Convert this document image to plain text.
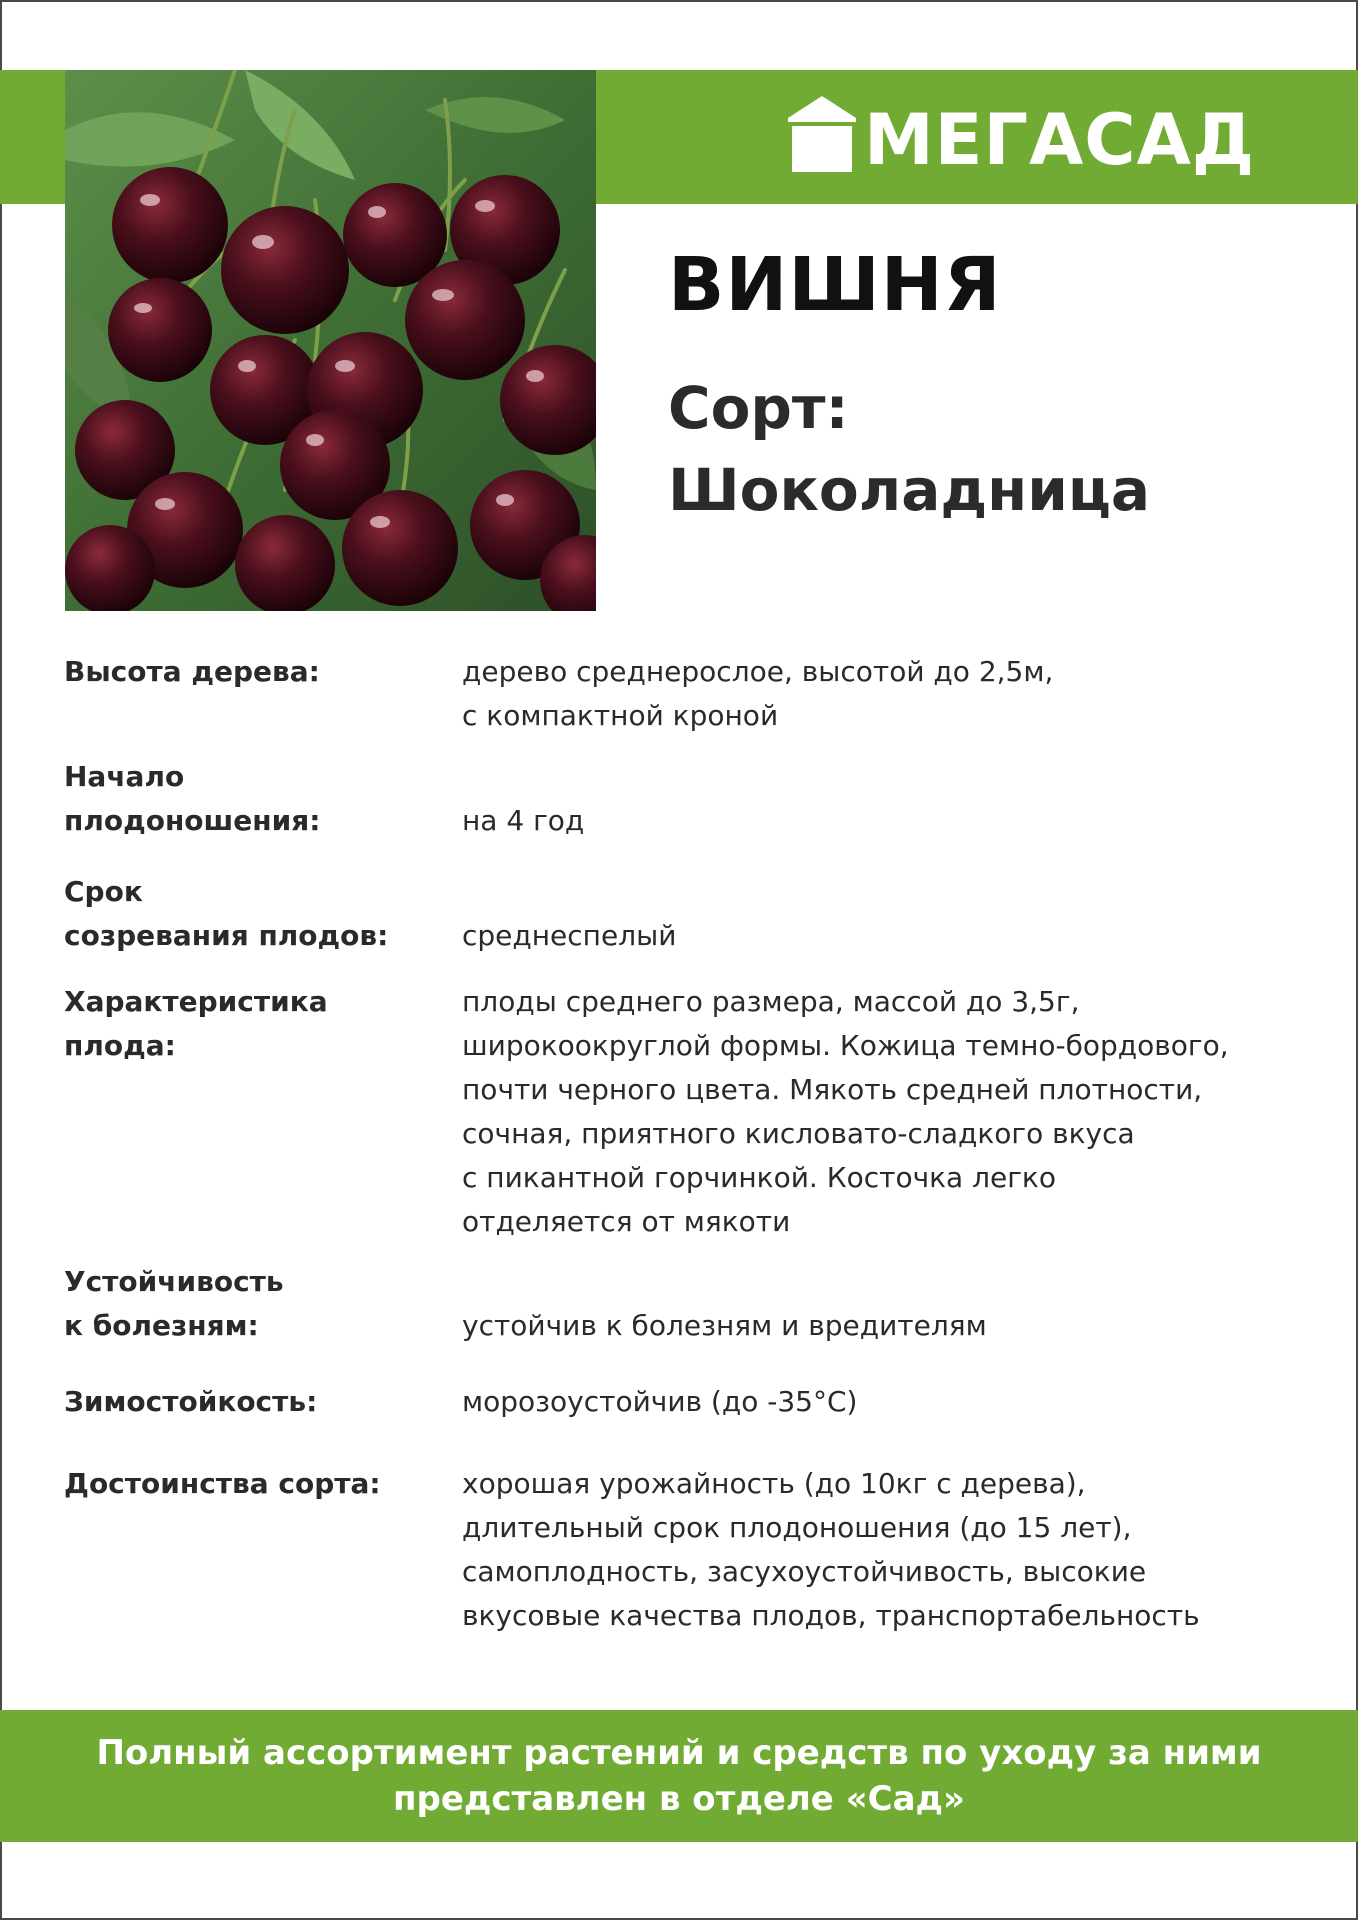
МЕГАСАД
ВИШНЯ
Сорт:
Шоколадница
Высота дерева:	дерево среднерослое, высотой до 2,5м,
с компактной кроной
Начало
плодоношения:	на 4 год
Срок
созревания плодов:	среднеспелый
Характеристика
плода:
плоды среднего размера, массой до 3,5г,
широкоокруглой формы. Кожица темно-бордового,
почти черного цвета. Мякоть средней плотности,
сочная, приятного кисловато-сладкого вкуса
с пикантной горчинкой. Косточка легко
отделяется от мякоти
Устойчивость
к болезням:	устойчив к болезням и вредителям
Зимостойкость:	морозоустойчив (до -35°С)
Достоинства сорта:	хорошая урожайность (до 10кг с дерева),
длительный срок плодоношения (до 15 лет),
самоплодность, засухоустойчивость, высокие
вкусовые качества плодов, транспортабельность
Полный ассортимент растений и средств по уходу за ними
представлен в отделе «Сад»
